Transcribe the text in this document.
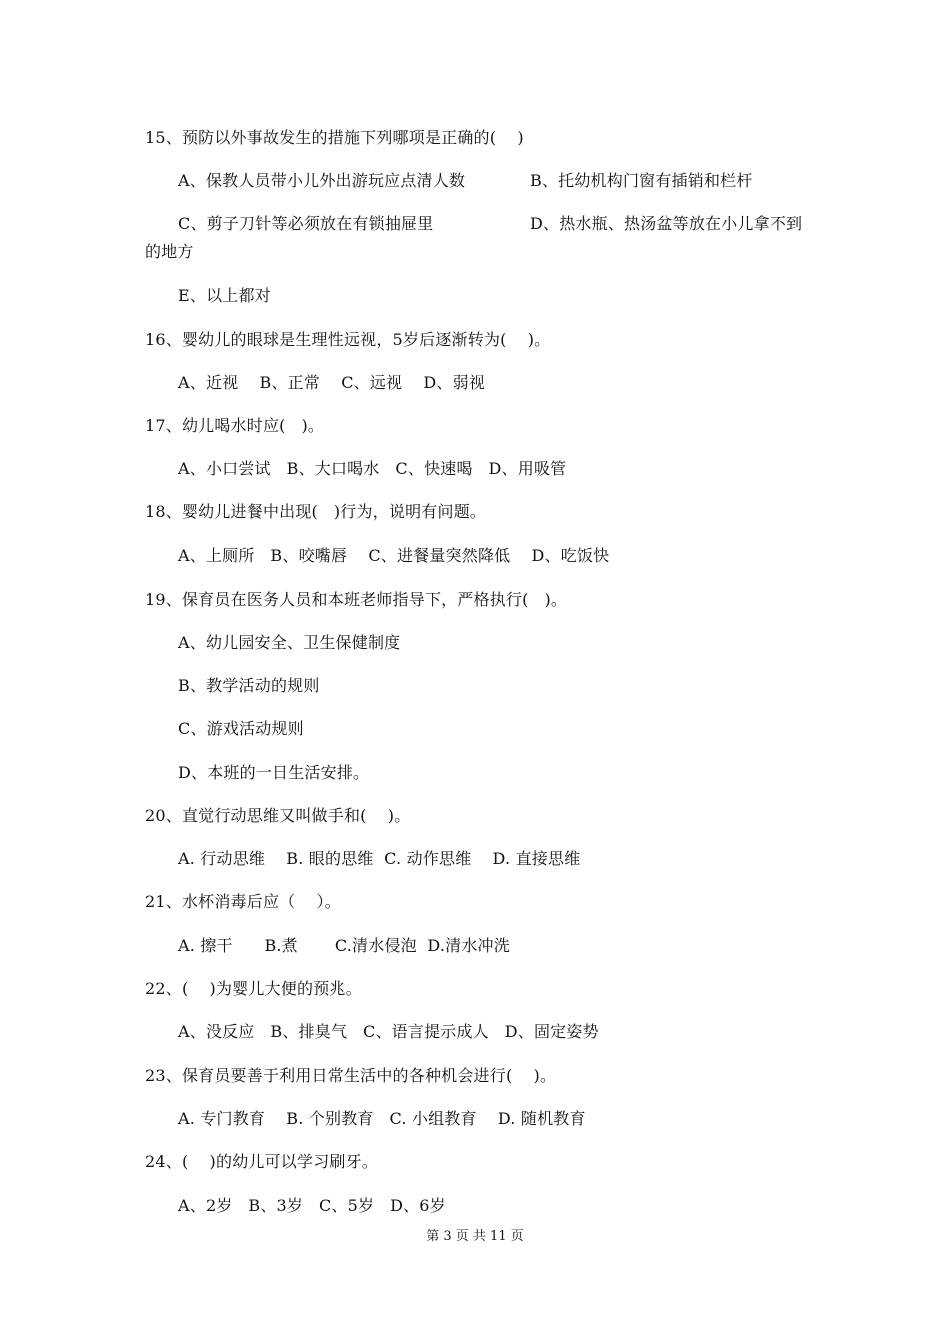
15、预防以外事故发生的措施下列哪项是正确的(    )
A、保教人员带小儿外出游玩应点清人数	B、托幼机构门窗有插销和栏杆
C、剪子刀针等必须放在有锁抽屉里	D、热水瓶、热汤盆等放在小儿拿不到
的地方
E、以上都对
16、婴幼儿的眼球是生理性远视，5岁后逐渐转为(    )。
A、近视    B、正常    C、远视    D、弱视
17、幼儿喝水时应(   )。
A、小口尝试   B、大口喝水   C、快速喝   D、用吸管
18、婴幼儿进餐中出现(   )行为，说明有问题。
A、上厕所   B、咬嘴唇    C、进餐量突然降低    D、吃饭快
19、保育员在医务人员和本班老师指导下，严格执行(   )。
A、幼儿园安全、卫生保健制度
B、教学活动的规则
C、游戏活动规则
D、本班的一日生活安排。
20、直觉行动思维又叫做手和(    )。
A. 行动思维    B. 眼的思维  C. 动作思维    D. 直接思维
21、水杯消毒后应（    ）。
A. 擦干      B.煮       C.清水侵泡  D.清水冲洗
22、(    )为婴儿大便的预兆。
A、没反应   B、排臭气   C、语言提示成人   D、固定姿势
23、保育员要善于利用日常生活中的各种机会进行(    )。
A. 专门教育    B. 个别教育   C. 小组教育    D. 随机教育
24、(    )的幼儿可以学习刷牙。
A、2岁   B、3岁   C、5岁   D、6岁
第 3 页 共 11 页
